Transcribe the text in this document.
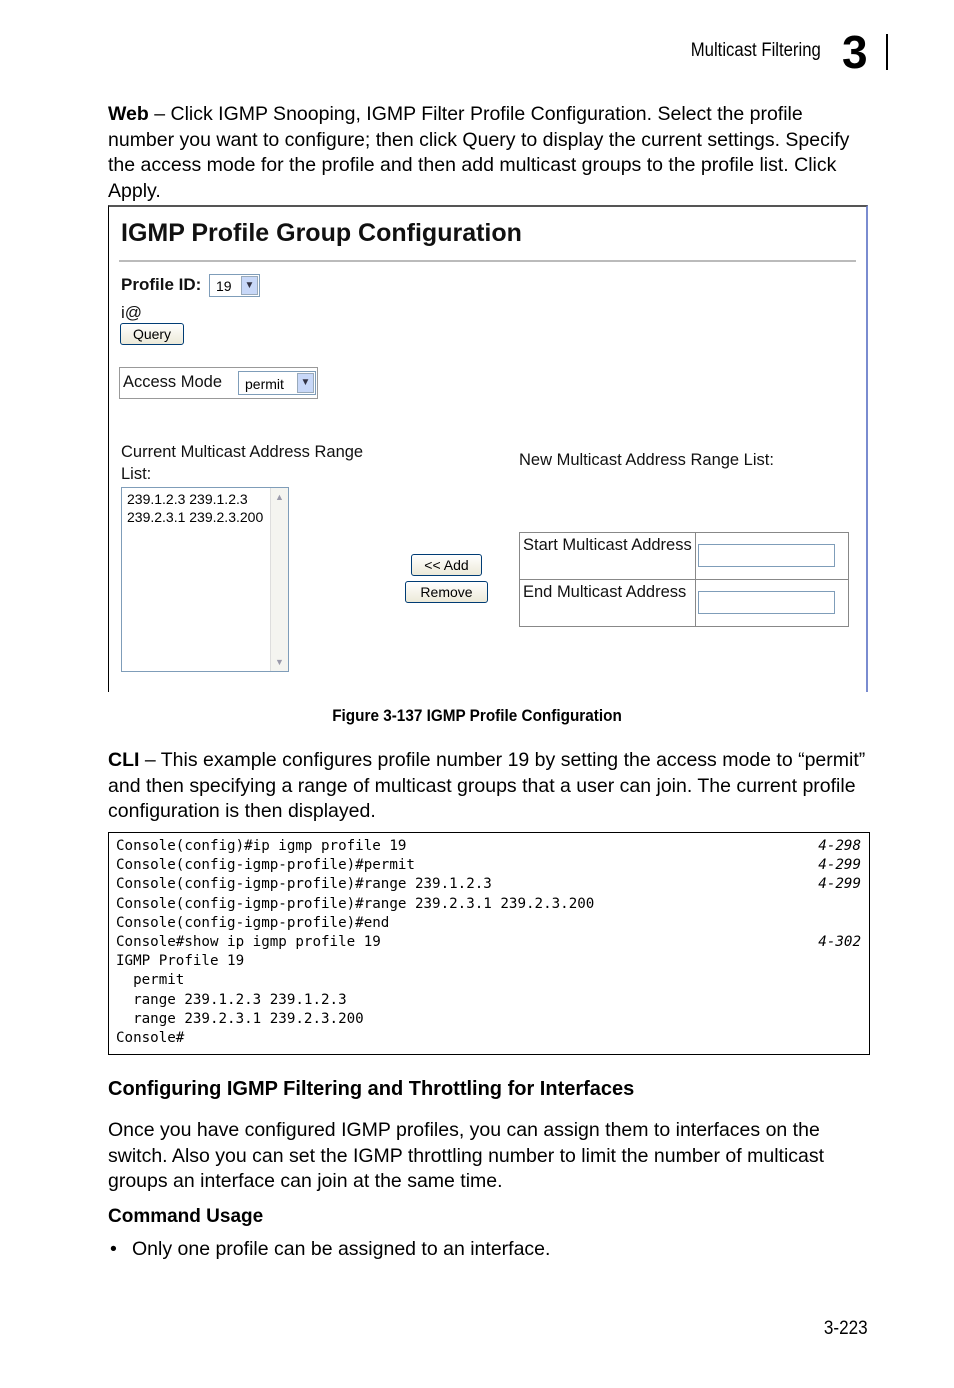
Multicast Filtering 3
Web – Click IGMP Snooping, IGMP Filter Profile Configuration. Select the profile number you want to configure; then click Query to display the current settings. Specify the access mode for the profile and then add multicast groups to the profile list. Click Apply.
IGMP Profile Group Configuration
Profile ID: 19	▼
i@
Query
Access Mode permit	▼
Current Multicast Address Range List:
239.1.2.3 239.1.2.3
239.2.3.1 239.2.3.200
▲
▼
<< Add
Remove
New Multicast Address Range List:
Start Multicast Address
End Multicast Address
Figure 3-137 IGMP Profile Configuration
CLI – This example configures profile number 19 by setting the access mode to “permit” and then specifying a range of multicast groups that a user can join. The current profile configuration is then displayed.
Console(config)#ip igmp profile 19	4-298
Console(config-igmp-profile)#permit	4-299
Console(config-igmp-profile)#range 239.1.2.3	4-299
Console(config-igmp-profile)#range 239.2.3.1 239.2.3.200
Console(config-igmp-profile)#end
Console#show ip igmp profile 19	4-302
IGMP Profile 19
permit
range 239.1.2.3 239.1.2.3
range 239.2.3.1 239.2.3.200
Console#
Configuring IGMP Filtering and Throttling for Interfaces
Once you have configured IGMP profiles, you can assign them to interfaces on the switch. Also you can set the IGMP throttling number to limit the number of multicast groups an interface can join at the same time.
Command Usage
• Only one profile can be assigned to an interface.
3-223
